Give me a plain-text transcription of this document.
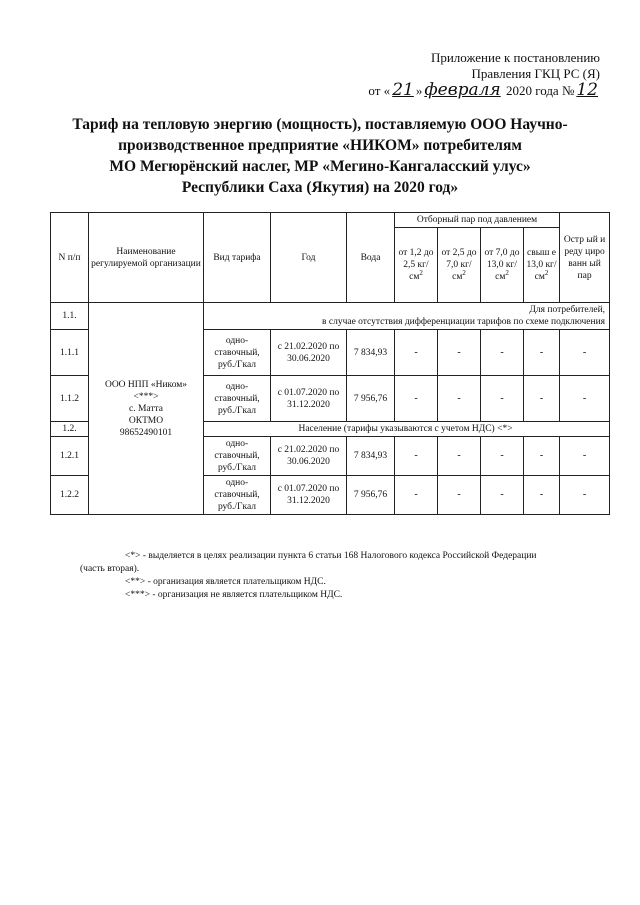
Приложение к постановлению
Правления ГКЦ РС (Я)
от « 21 » февраля 2020 года № 12
Тариф на тепловую энергию (мощность), поставляемую ООО Научно-
производственное предприятие «НИКОМ» потребителям
МО Мегюрёнский наслег, МР «Мегино-Кангаласский улус»
Республики Саха (Якутия) на 2020 год»
N п/п	Наименование регулируемой организации	Вид тарифа	Год	Вода	Отборный пар под давлением				Остр ый и реду циро ванн ый пар
					от 1,2 до 2,5 кг/ $см^2$	от 2,5 до 7,0 кг/ $см^2$	от 7,0 до 13,0 кг/ $см^2$	свыш е 13,0 кг/ $см^2$
1.1.	ООО НПП «Ником»
<***>
с. Матта
ОКТМО
98652490101	Для потребителей,
в случае отсутствия дифференциации тарифов по схеме подключения							

1.1.1		одно-ставочный, руб./Гкал	с 21.02.2020 по 30.06.2020	7 834,93	-	-	-	-	-
1.1.2		одно-ставочный, руб./Гкал	с 01.07.2020 по 31.12.2020	7 956,76	-	-	-	-	-
1.2.		Население (тарифы указываются с учетом НДС) <*>							
1.2.1		одно-ставочный, руб./Гкал	с 21.02.2020 по 30.06.2020	7 834,93	-	-	-	-	-
1.2.2		одно-ставочный, руб./Гкал	с 01.07.2020 по 31.12.2020	7 956,76	-	-	-	-	-

<*> - выделяется в целях реализации пункта 6 статьи 168 Налогового кодекса Российской Федерации

(часть вторая).

<**> - организация является плательщиком НДС.

<***> - организация не является плательщиком НДС.
